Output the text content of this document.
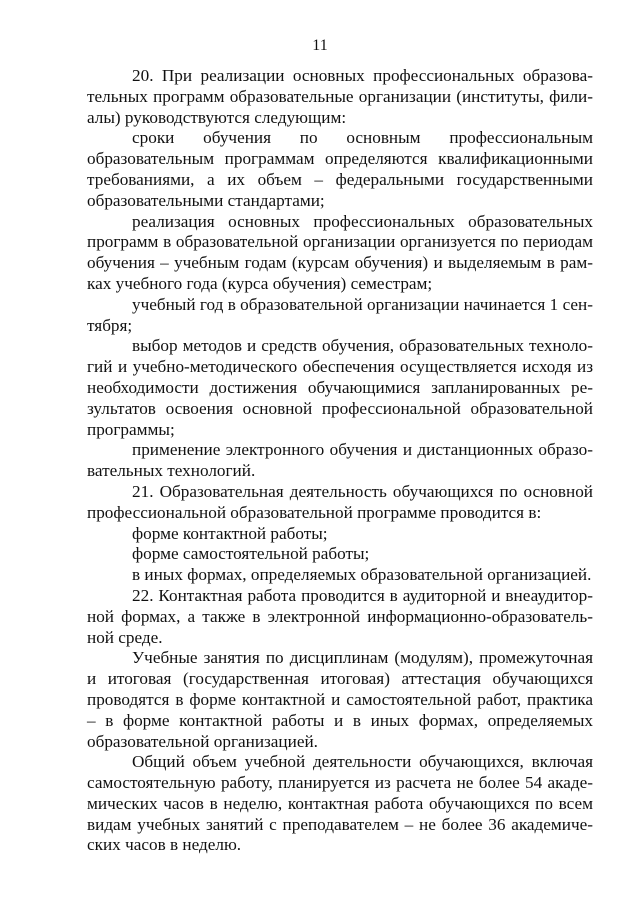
11

20. При реализации основных профессиональных образовательных программ образовательные организации (институты, филиалы) руководствуются следующим:

сроки обучения по основным профессиональным образовательным программам определяются квалификационными требованиями, а их объем – федеральными государственными образовательными стандартами;

реализация основных профессиональных образовательных программ в образовательной организации организуется по периодам обучения – учебным годам (курсам обучения) и выделяемым в рамках учебного года (курса обучения) семестрам;

учебный год в образовательной организации начинается 1 сентября;

выбор методов и средств обучения, образовательных технологий и учебно-методического обеспечения осуществляется исходя из необходимости достижения обучающимися запланированных результатов освоения основной профессиональной образовательной программы;

применение электронного обучения и дистанционных образовательных технологий.

21. Образовательная деятельность обучающихся по основной профессиональной образовательной программе проводится в:

форме контактной работы;

форме самостоятельной работы;

в иных формах, определяемых образовательной организацией.

22. Контактная работа проводится в аудиторной и внеаудиторной формах, а также в электронной информационно-образовательной среде.

Учебные занятия по дисциплинам (модулям), промежуточная и итоговая (государственная итоговая) аттестация обучающихся проводятся в форме контактной и самостоятельной работ, практика – в форме контактной работы и в иных формах, определяемых образовательной организацией.

Общий объем учебной деятельности обучающихся, включая самостоятельную работу, планируется из расчета не более 54 академических часов в неделю, контактная работа обучающихся по всем видам учебных занятий с преподавателем – не более 36 академических часов в неделю.
